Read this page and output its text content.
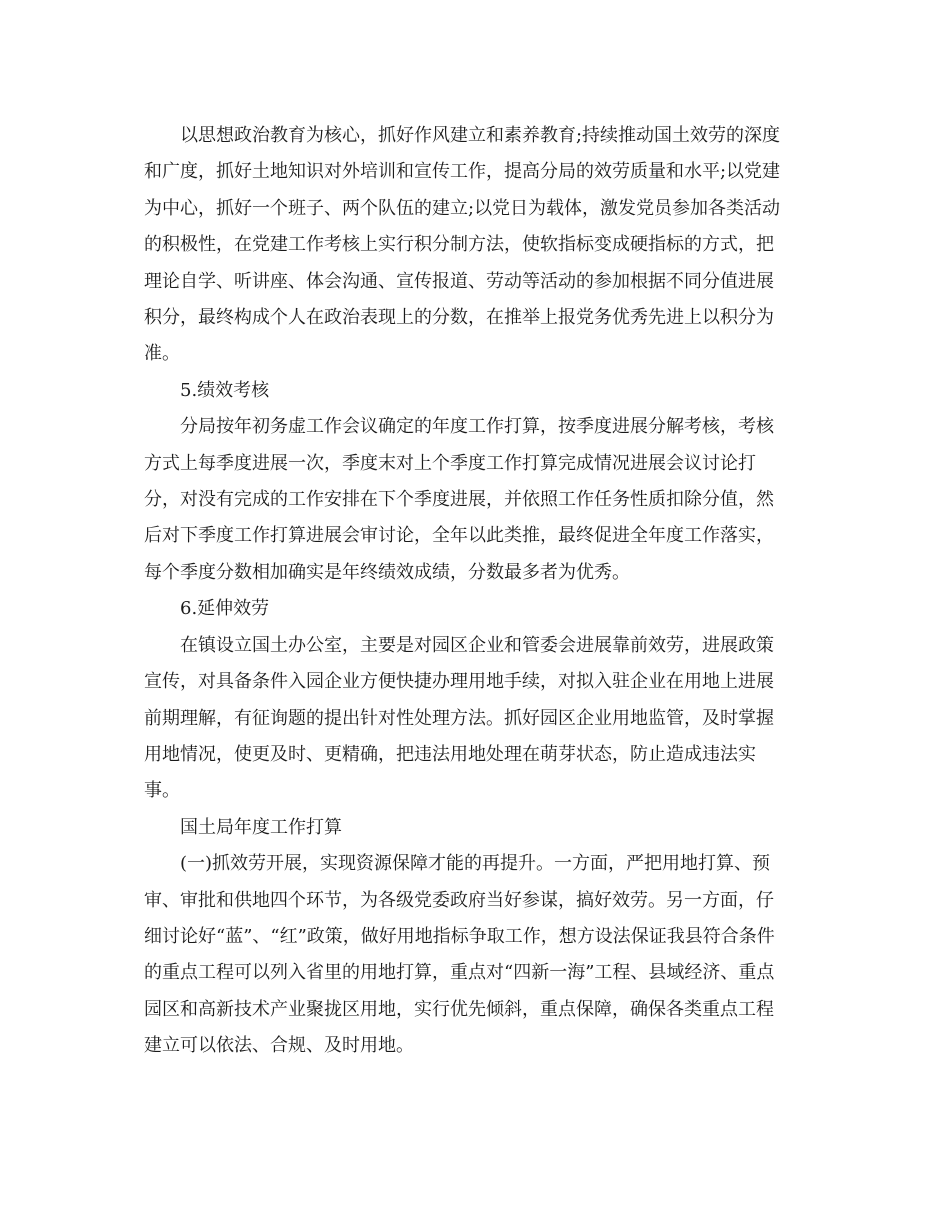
以思想政治教育为核心，抓好作风建立和素养教育;持续推动国土效劳的深度
和广度，抓好土地知识对外培训和宣传工作，提高分局的效劳质量和水平;以党建
为中心，抓好一个班子、两个队伍的建立;以党日为载体，激发党员参加各类活动
的积极性，在党建工作考核上实行积分制方法，使软指标变成硬指标的方式，把
理论自学、听讲座、体会沟通、宣传报道、劳动等活动的参加根据不同分值进展
积分，最终构成个人在政治表现上的分数，在推举上报党务优秀先进上以积分为
准。

5.绩效考核

分局按年初务虚工作会议确定的年度工作打算，按季度进展分解考核，考核
方式上每季度进展一次，季度末对上个季度工作打算完成情况进展会议讨论打
分，对没有完成的工作安排在下个季度进展，并依照工作任务性质扣除分值，然
后对下季度工作打算进展会审讨论，全年以此类推，最终促进全年度工作落实，
每个季度分数相加确实是年终绩效成绩，分数最多者为优秀。

6.延伸效劳

在镇设立国土办公室，主要是对园区企业和管委会进展靠前效劳，进展政策
宣传，对具备条件入园企业方便快捷办理用地手续，对拟入驻企业在用地上进展
前期理解，有征询题的提出针对性处理方法。抓好园区企业用地监管，及时掌握
用地情况，使更及时、更精确，把违法用地处理在萌芽状态，防止造成违法实
事。

国土局年度工作打算

(一)抓效劳开展，实现资源保障才能的再提升。一方面，严把用地打算、预
审、审批和供地四个环节，为各级党委政府当好参谋，搞好效劳。另一方面，仔
细讨论好“蓝”、“红”政策，做好用地指标争取工作，想方设法保证我县符合条件
的重点工程可以列入省里的用地打算，重点对“四新一海”工程、县域经济、重点
园区和高新技术产业聚拢区用地，实行优先倾斜，重点保障，确保各类重点工程
建立可以依法、合规、及时用地。
